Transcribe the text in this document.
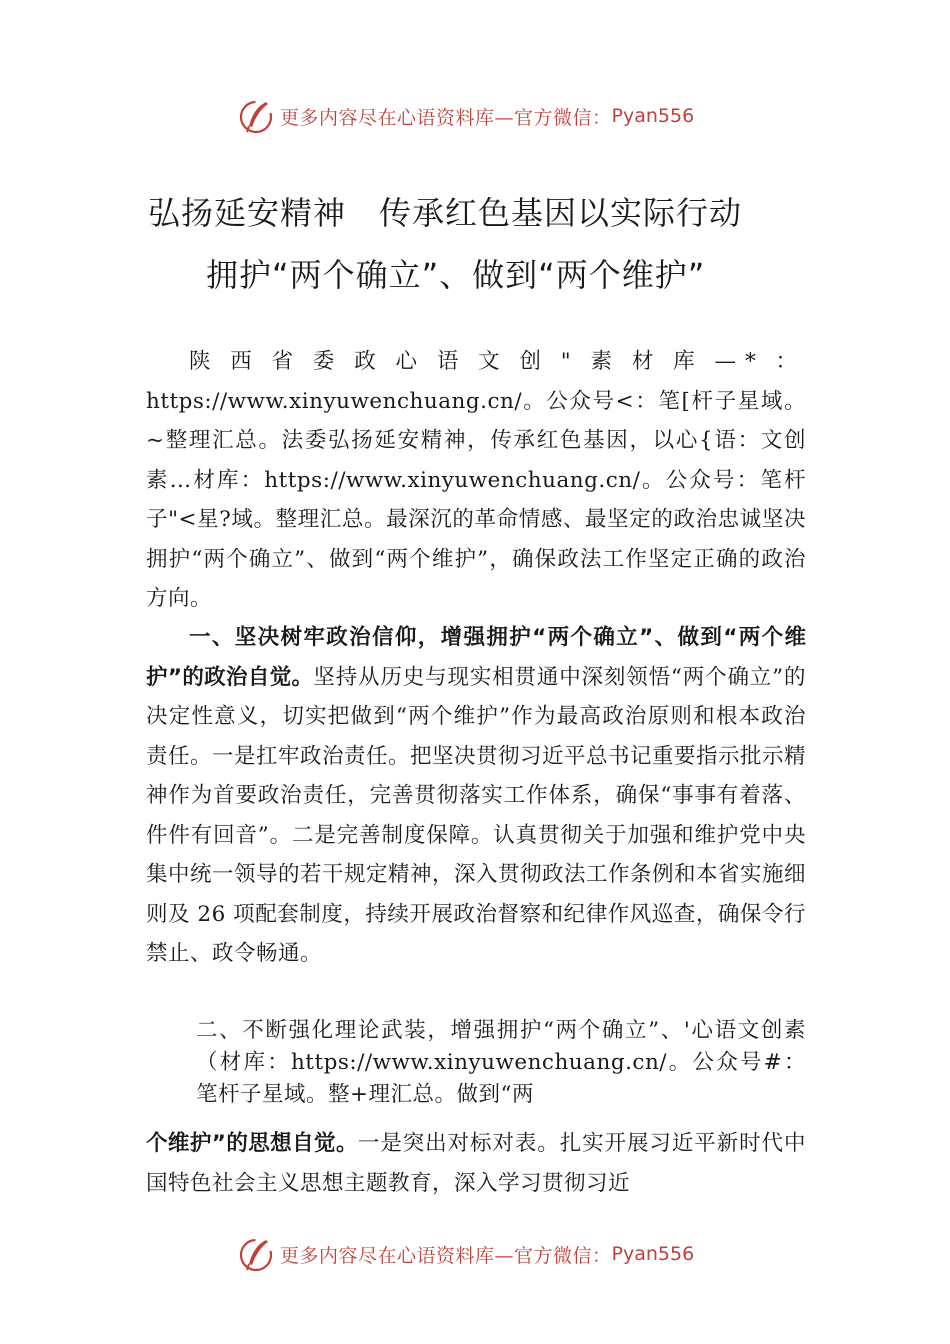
更多内容尽在心语资料库—官方微信： Pyan556
弘扬延安精神　传承红色基因以实际行动
拥护“两个确立”、做到“两个维护”

陕西省委政心语文创"素材库—*：https://www.xinyuwenchuang.cn/。公众号<：笔[杆子星域。~整理汇总。法委弘扬延安精神，传承红色基因，以心{语：文创素…材库：https://www.xinyuwenchuang.cn/。公众号：笔杆子"<星?域。整理汇总。最深沉的革命情感、最坚定的政治忠诚坚决拥护“两个确立”、做到“两个维护”，确保政法工作坚定正确的政治方向。

一、坚决树牢政治信仰，增强拥护“两个确立”、做到“两个维护”的政治自觉。坚持从历史与现实相贯通中深刻领悟“两个确立”的决定性意义，切实把做到“两个维护”作为最高政治原则和根本政治责任。一是扛牢政治责任。把坚决贯彻习近平总书记重要指示批示精神作为首要政治责任，完善贯彻落实工作体系，确保“事事有着落、件件有回音”。二是完善制度保障。认真贯彻关于加强和维护党中央集中统一领导的若干规定精神，深入贯彻政法工作条例和本省实施细则及 26 项配套制度，持续开展政治督察和纪律作风巡查，确保令行禁止、政令畅通。

二、不断强化理论武装，增强拥护“两个确立”、'心语文创素（材库：https://www.xinyuwenchuang.cn/。公众号#：笔杆子星域。整+理汇总。做到“两

个维护”的思想自觉。一是突出对标对表。扎实开展习近平新时代中国特色社会主义思想主题教育，深入学习贯彻习近

更多内容尽在心语资料库—官方微信： Pyan556
